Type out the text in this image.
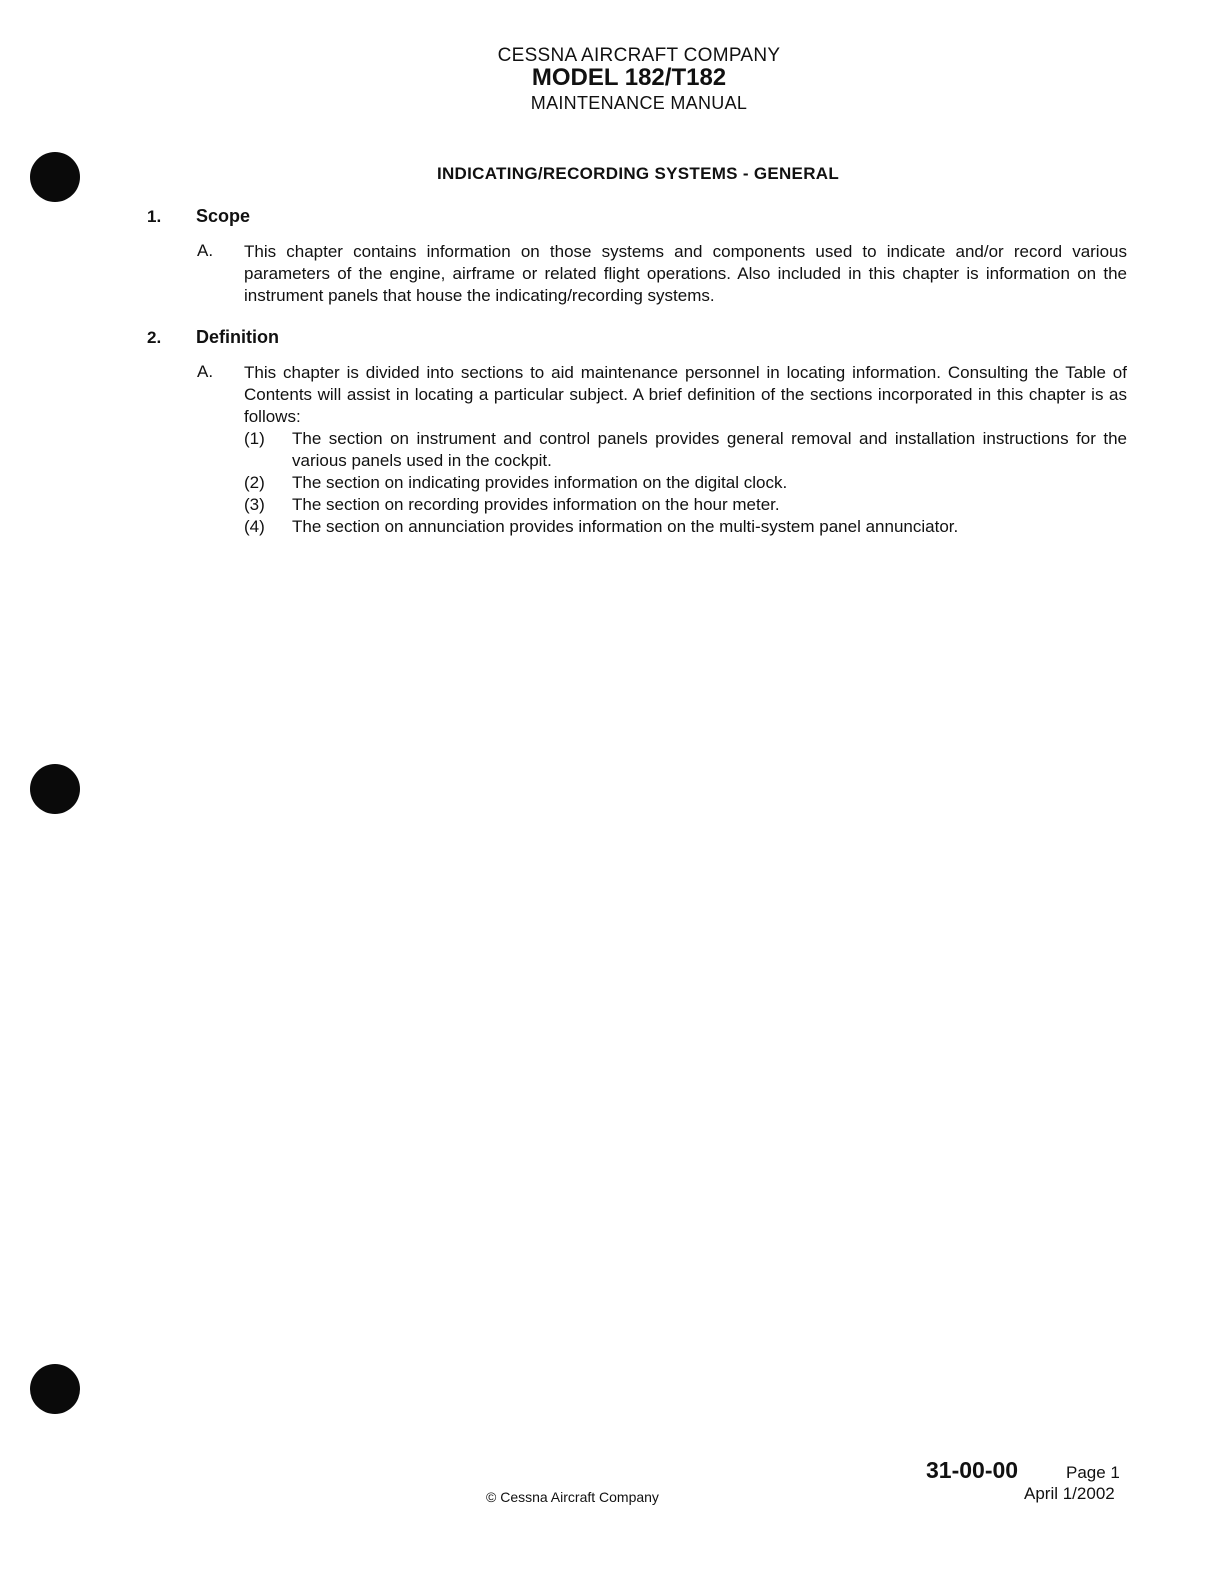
CESSNA AIRCRAFT COMPANY
MODEL 182/T182
MAINTENANCE MANUAL
INDICATING/RECORDING SYSTEMS - GENERAL
1. Scope
A. This chapter contains information on those systems and components used to indicate and/or record various parameters of the engine, airframe or related flight operations. Also included in this chapter is information on the instrument panels that house the indicating/recording systems.
2. Definition
A. This chapter is divided into sections to aid maintenance personnel in locating information. Consulting the Table of Contents will assist in locating a particular subject. A brief definition of the sections incorporated in this chapter is as follows:
(1) The section on instrument and control panels provides general removal and installation instructions for the various panels used in the cockpit.
(2) The section on indicating provides information on the digital clock.
(3) The section on recording provides information on the hour meter.
(4) The section on annunciation provides information on the multi-system panel annunciator.
31-00-00	Page 1
April 1/2002
© Cessna Aircraft Company
